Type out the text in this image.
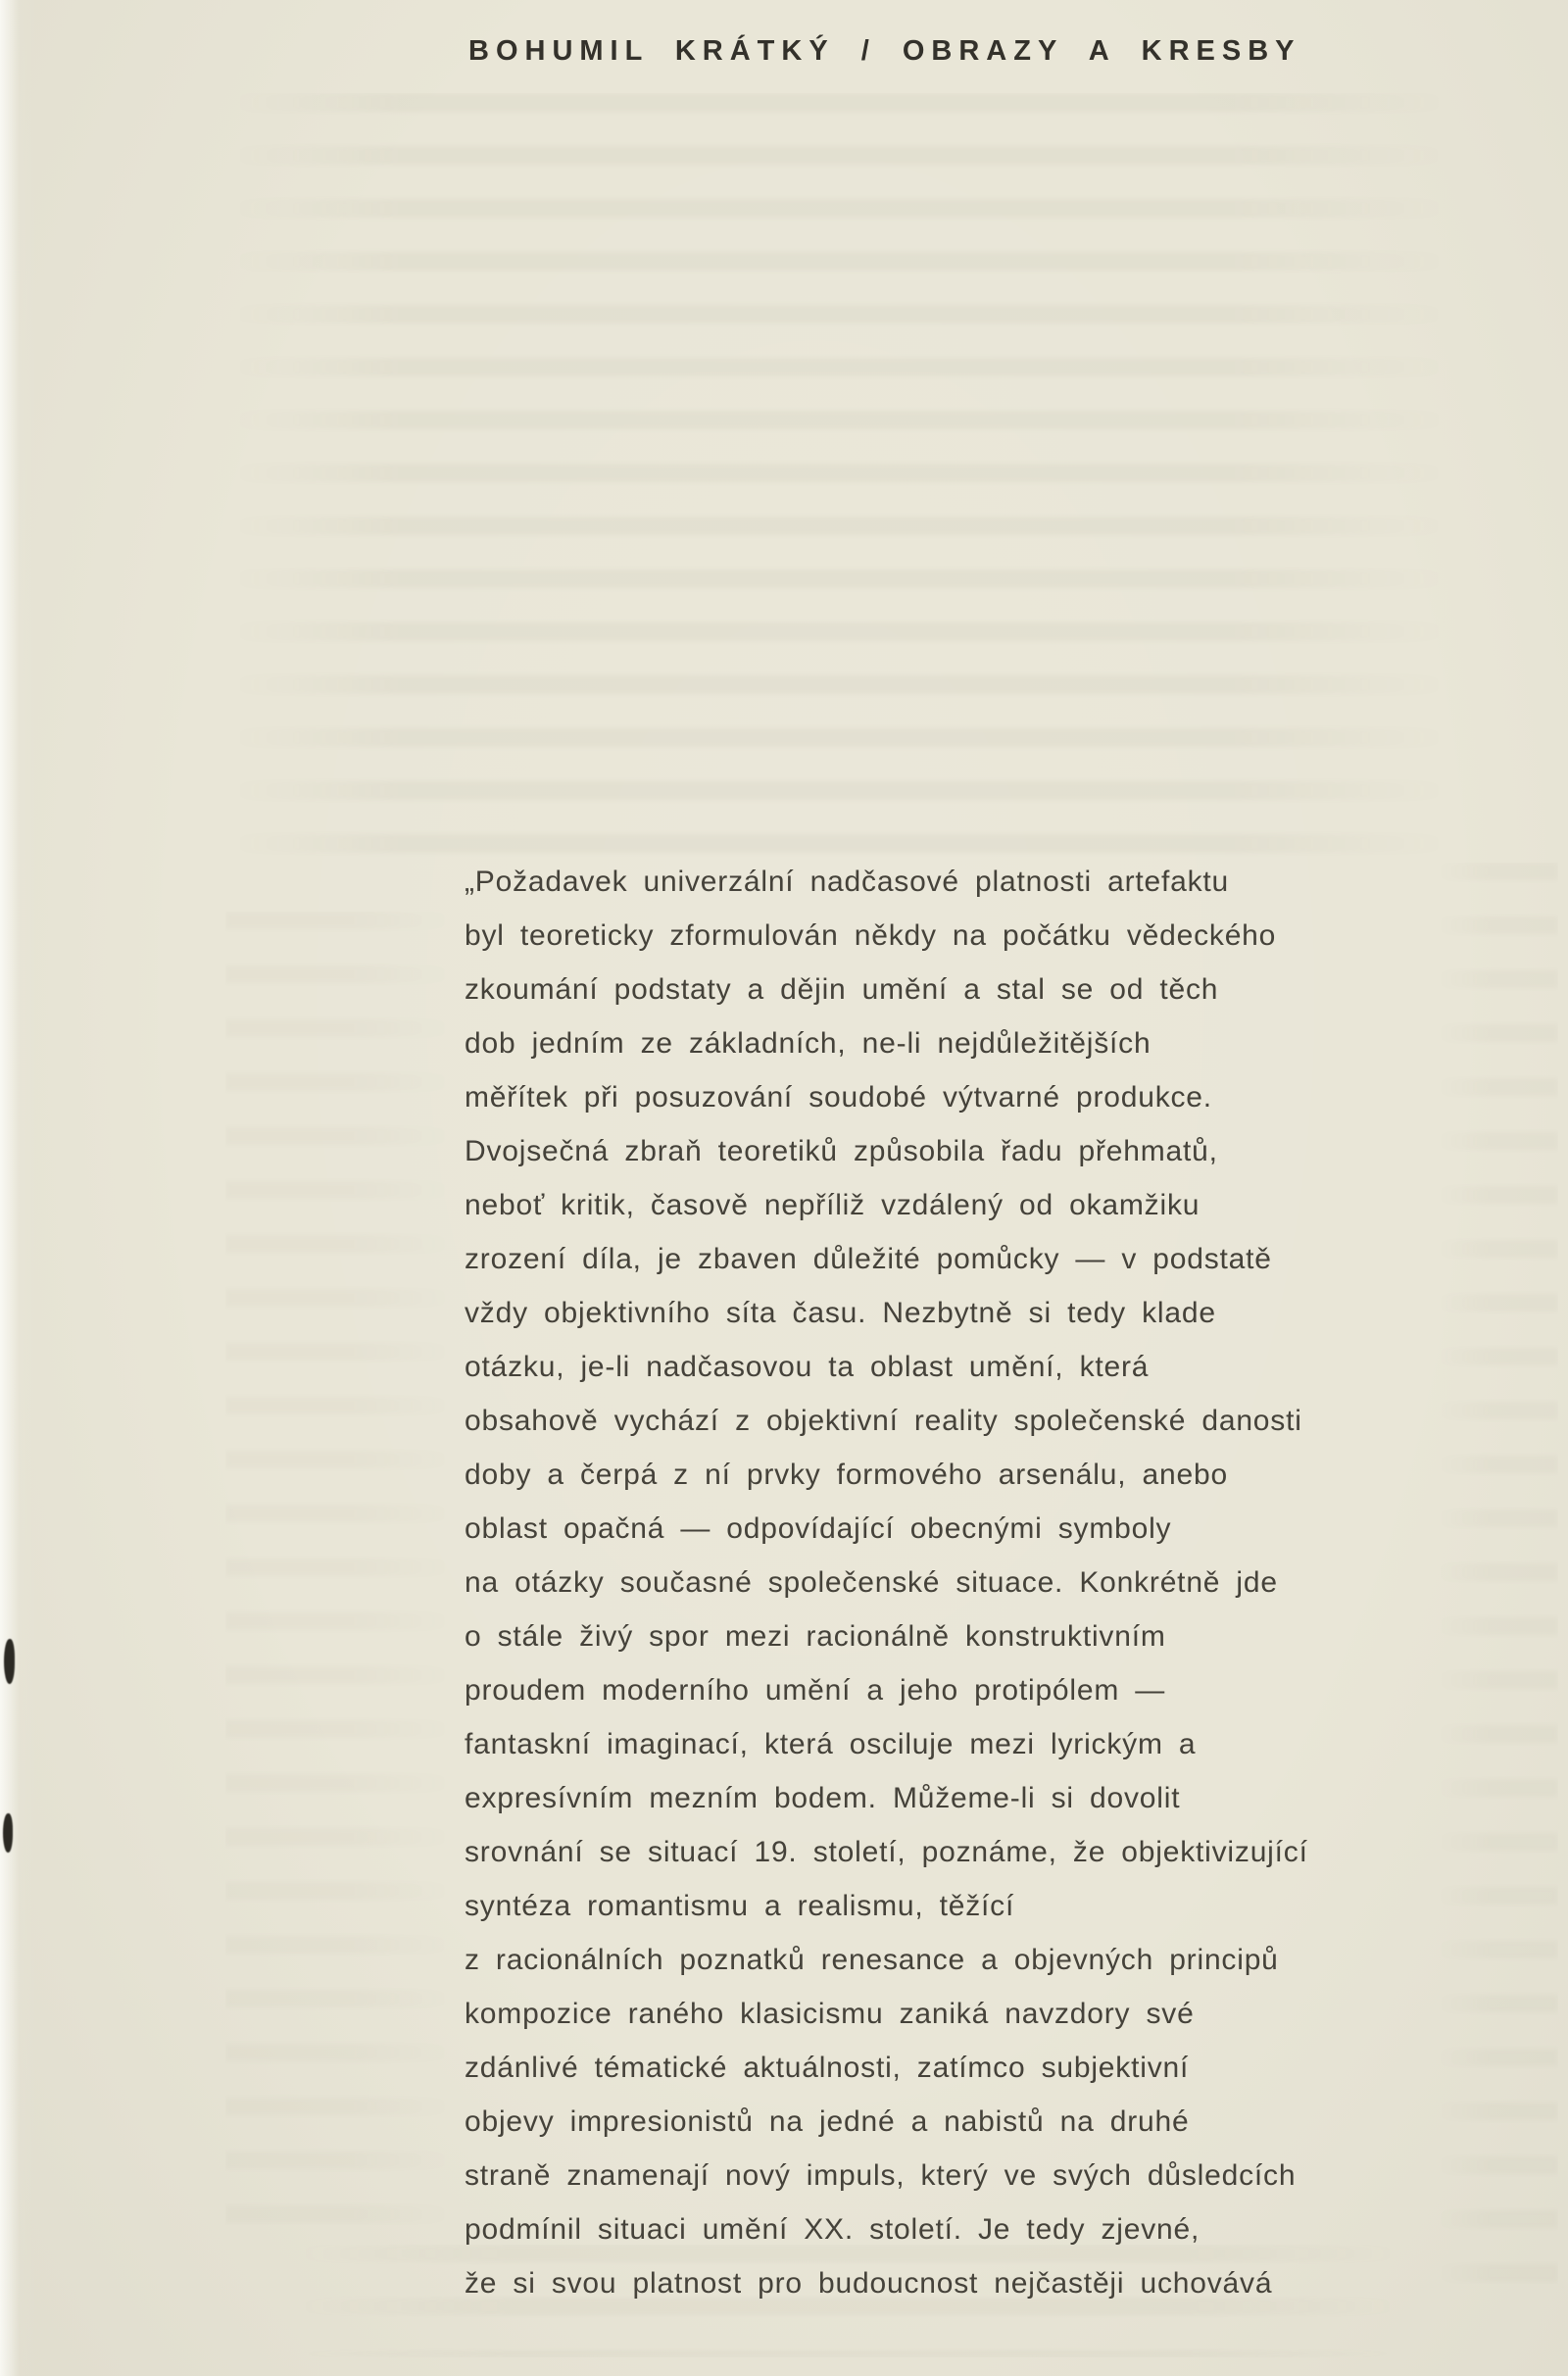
BOHUMIL KRÁTKÝ / OBRAZY A KRESBY
„Požadavek univerzální nadčasové platnosti artefaktu
byl teoreticky zformulován někdy na počátku vědeckého
zkoumání podstaty a dějin umění a stal se od těch
dob jedním ze základních, ne-li nejdůležitějších
měřítek při posuzování soudobé výtvarné produkce.
Dvojsečná zbraň teoretiků způsobila řadu přehmatů,
neboť kritik, časově nepříliž vzdálený od okamžiku
zrození díla, je zbaven důležité pomůcky — v podstatě
vždy objektivního síta času. Nezbytně si tedy klade
otázku, je-li nadčasovou ta oblast umění, která
obsahově vychází z objektivní reality společenské danosti
doby a čerpá z ní prvky formového arsenálu, anebo
oblast opačná — odpovídající obecnými symboly
na otázky současné společenské situace. Konkrétně jde
o stále živý spor mezi racionálně konstruktivním
proudem moderního umění a jeho protipólem —
fantaskní imaginací, která osciluje mezi lyrickým a
expresívním mezním bodem. Můžeme-li si dovolit
srovnání se situací 19. století, poznáme, že objektivizující
syntéza romantismu a realismu, těžící
z racionálních poznatků renesance a objevných principů
kompozice raného klasicismu zaniká navzdory své
zdánlivé tématické aktuálnosti, zatímco subjektivní
objevy impresionistů na jedné a nabistů na druhé
straně znamenají nový impuls, který ve svých důsledcích
podmínil situaci umění XX. století. Je tedy zjevné,
že si svou platnost pro budoucnost nejčastěji uchovává
